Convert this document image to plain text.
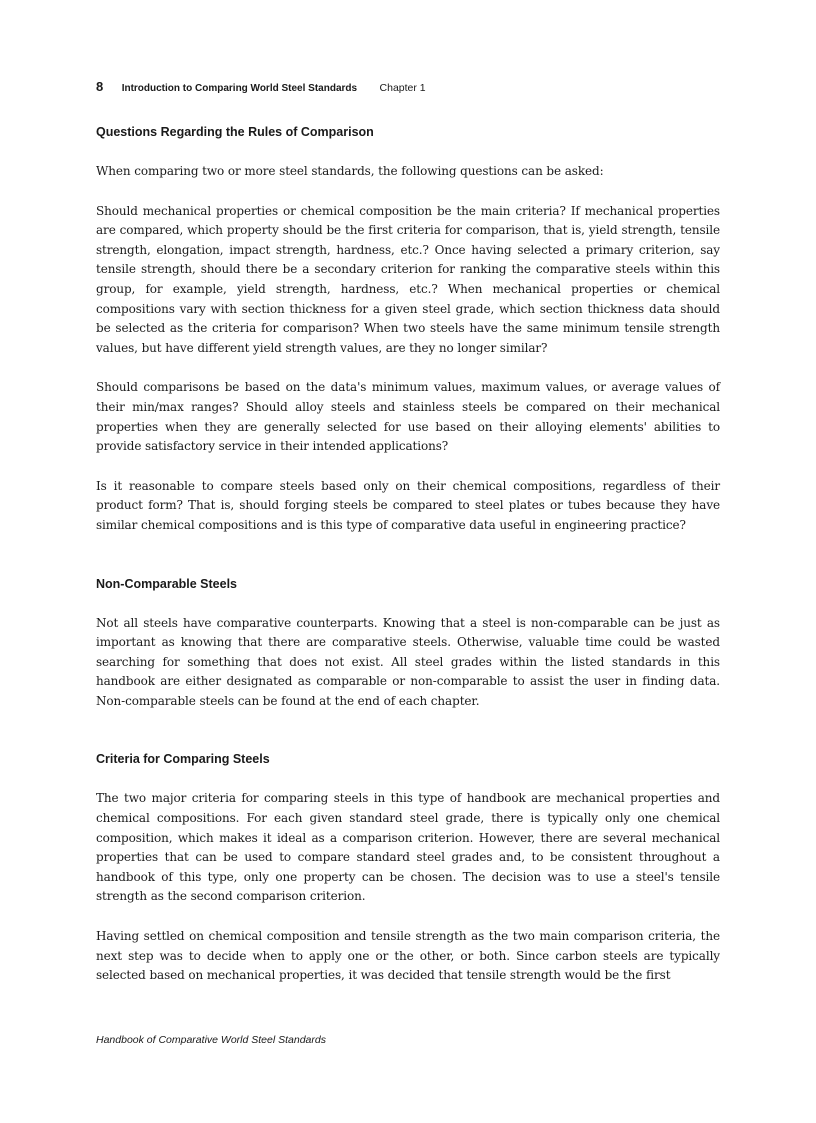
8 Introduction to Comparing World Steel Standards Chapter 1
Questions Regarding the Rules of Comparison

When comparing two or more steel standards, the following questions can be asked:

Should mechanical properties or chemical composition be the main criteria? If mechanical properties are compared, which property should be the first criteria for comparison, that is, yield strength, tensile strength, elongation, impact strength, hardness, etc.? Once having selected a primary criterion, say tensile strength, should there be a secondary criterion for ranking the comparative steels within this group, for example, yield strength, hardness, etc.? When mechanical properties or chemical compositions vary with section thickness for a given steel grade, which section thickness data should be selected as the criteria for comparison? When two steels have the same minimum tensile strength values, but have different yield strength values, are they no longer similar?

Should comparisons be based on the data's minimum values, maximum values, or average values of their min/max ranges? Should alloy steels and stainless steels be compared on their mechanical properties when they are generally selected for use based on their alloying elements' abilities to provide satisfactory service in their intended applications?

Is it reasonable to compare steels based only on their chemical compositions, regardless of their product form? That is, should forging steels be compared to steel plates or tubes because they have similar chemical compositions and is this type of comparative data useful in engineering practice?

Non-Comparable Steels

Not all steels have comparative counterparts. Knowing that a steel is non-comparable can be just as important as knowing that there are comparative steels. Otherwise, valuable time could be wasted searching for something that does not exist. All steel grades within the listed standards in this handbook are either designated as comparable or non-comparable to assist the user in finding data. Non-comparable steels can be found at the end of each chapter.

Criteria for Comparing Steels

The two major criteria for comparing steels in this type of handbook are mechanical properties and chemical compositions. For each given standard steel grade, there is typically only one chemical composition, which makes it ideal as a comparison criterion. However, there are several mechanical properties that can be used to compare standard steel grades and, to be consistent throughout a handbook of this type, only one property can be chosen. The decision was to use a steel's tensile strength as the second comparison criterion.

Having settled on chemical composition and tensile strength as the two main comparison criteria, the next step was to decide when to apply one or the other, or both. Since carbon steels are typically selected based on mechanical properties, it was decided that tensile strength would be the first

Handbook of Comparative World Steel Standards
